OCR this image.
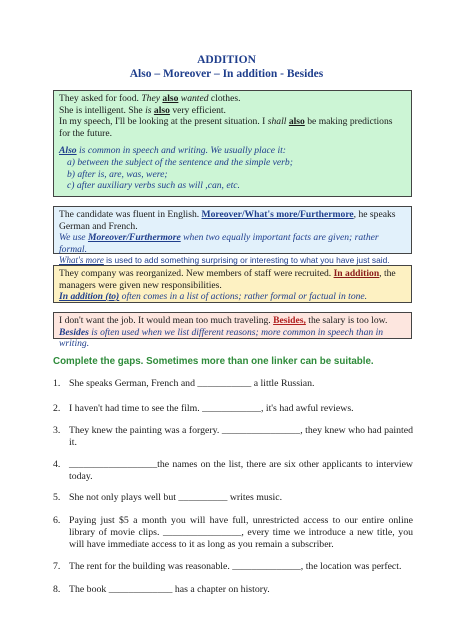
ADDITION
Also – Moreover – In addition - Besides

They asked for food. They also wanted clothes.

She is intelligent. She is also very efficient.

In my speech, I'll be looking at the present situation. I shall also be making predictions for the future.

Also is common in speech and writing. We usually place it:

a) between the subject of the sentence and the simple verb;
b) after is, are, was, were;
c) after auxiliary verbs such as will ,can, etc.

The candidate was fluent in English. Moreover/What's more/Furthermore, he speaks German and French.

We use Moreover/Furthermore when two equally important facts are given; rather formal.

What's more is used to add something surprising or interesting to what you have just said.

They company was reorganized. New members of staff were recruited. In addition, the managers were given new responsibilities.

In addition (to) often comes in a list of actions; rather formal or factual in tone.

I don't want the job. It would mean too much traveling. Besides, the salary is too low.

Besides is often used when we list different reasons; more common in speech than in writing.

Complete the gaps. Sometimes more than one linker can be suitable.
1. She speaks German, French and ___________ a little Russian.
2. I haven't had time to see the film. ____________, it's had awful reviews.
3. They knew the painting was a forgery. ________________, they knew who had painted it.
4. __________________the names on the list, there are six other applicants to interview today.
5. She not only plays well but __________ writes music.
6. Paying just $5 a month you will have full, unrestricted access to our entire online library of movie clips. ________________, every time we introduce a new title, you will have immediate access to it as long as you remain a subscriber.
7. The rent for the building was reasonable. ______________, the location was perfect.
8. The book _____________ has a chapter on history.
